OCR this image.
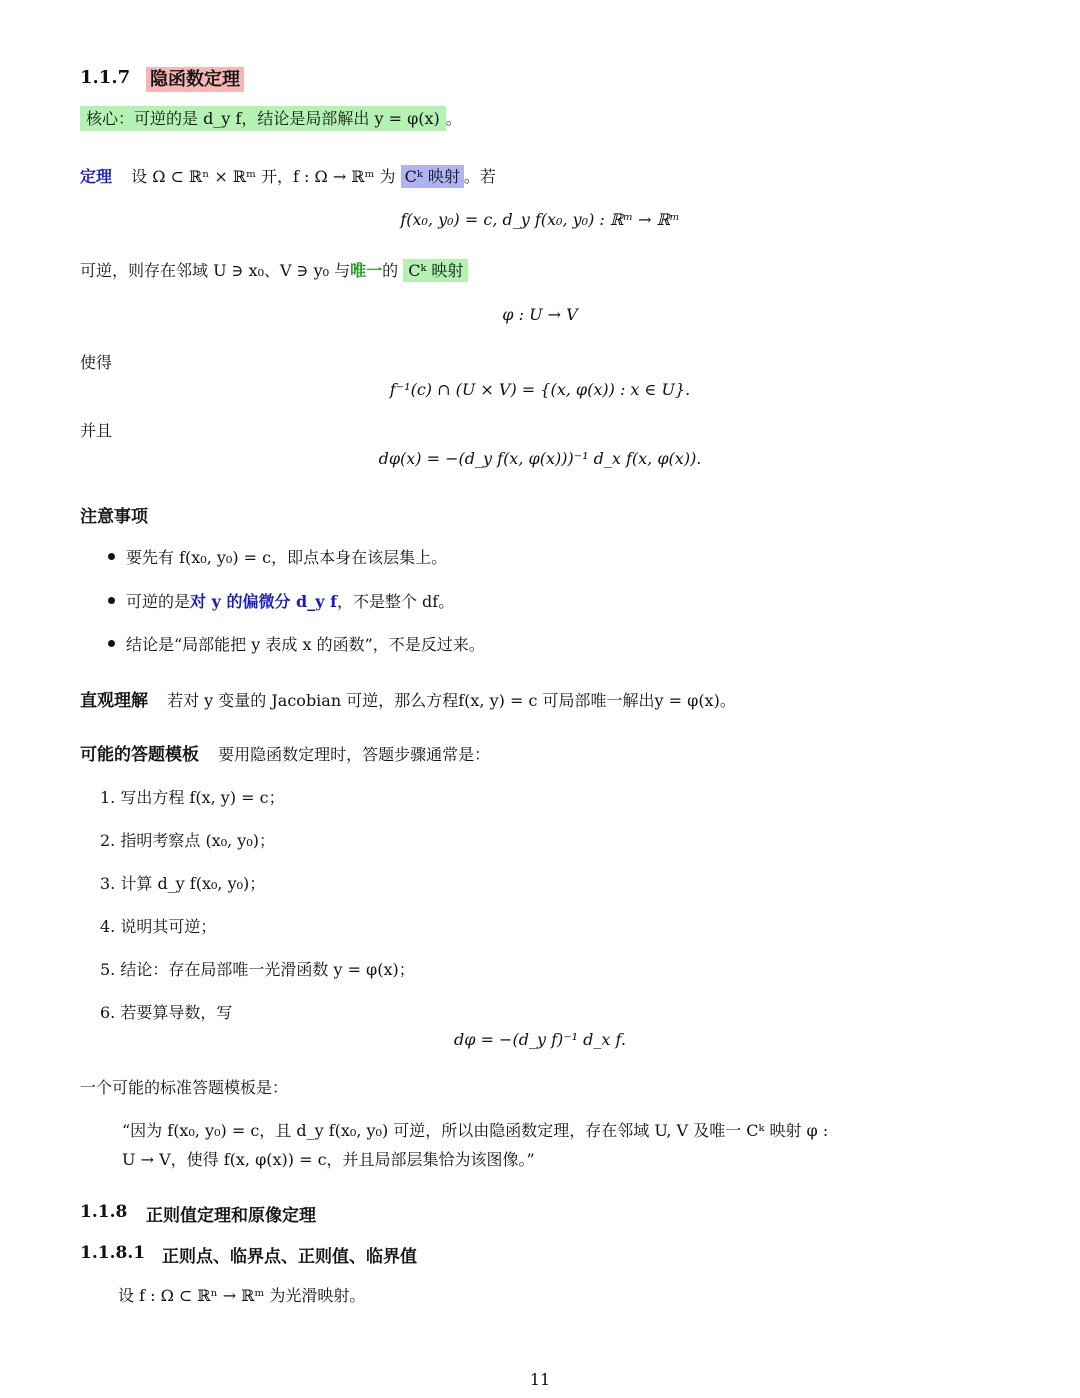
1.1.7 隐函数定理
核心：可逆的是 d_y f，结论是局部解出 y = φ(x) 。
定理 设 Ω ⊂ ℝⁿ × ℝᵐ 开，f : Ω → ℝᵐ 为 Cᵏ 映射 。若
f(x₀, y₀) = c, d_y f(x₀, y₀) : ℝᵐ → ℝᵐ
可逆，则存在邻域 U ∋ x₀、V ∋ y₀ 与唯一的 Cᵏ 映射
φ : U → V
使得
f⁻¹(c) ∩ (U × V) = {(x, φ(x)) : x ∈ U}.
并且
dφ(x) = −(d_y f(x, φ(x)))⁻¹ d_x f(x, φ(x)).
注意事项
要先有 f(x₀, y₀) = c，即点本身在该层集上。
可逆的是对 y 的偏微分 d_y f，不是整个 df。
结论是“局部能把 y 表成 x 的函数”，不是反过来。
直观理解 若对 y 变量的 Jacobian 可逆，那么方程f(x, y) = c 可局部唯一解出y = φ(x)。
可能的答题模板 要用隐函数定理时，答题步骤通常是：
1. 写出方程 f(x, y) = c；
2. 指明考察点 (x₀, y₀)；
3. 计算 d_y f(x₀, y₀)；
4. 说明其可逆；
5. 结论：存在局部唯一光滑函数 y = φ(x)；
6. 若要算导数，写
dφ = −(d_y f)⁻¹ d_x f.
一个可能的标准答题模板是：
“因为 f(x₀, y₀) = c，且 d_y f(x₀, y₀) 可逆，所以由隐函数定理，存在邻域 U, V 及唯一 Cᵏ 映射 φ :
U → V，使得 f(x, φ(x)) = c，并且局部层集恰为该图像。”
1.1.8 正则值定理和原像定理
1.1.8.1 正则点、临界点、正则值、临界值
设 f : Ω ⊂ ℝⁿ → ℝᵐ 为光滑映射。
11
